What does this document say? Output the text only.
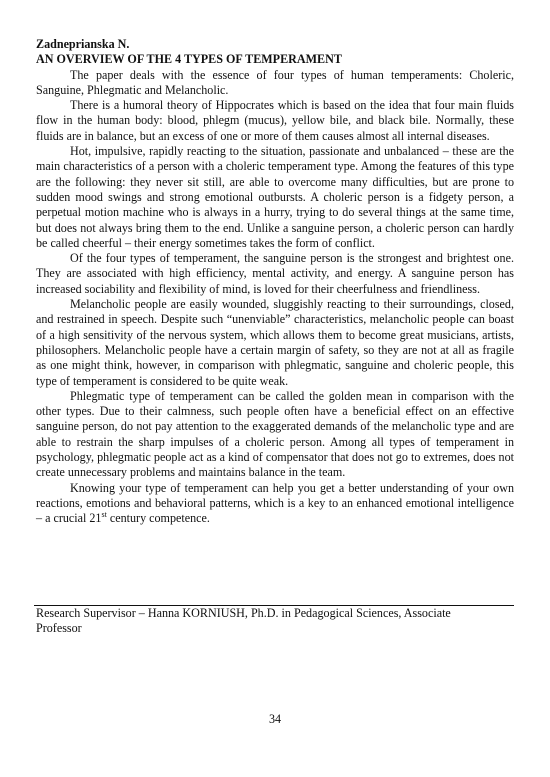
Zadneprianska N.

AN OVERVIEW OF THE 4 TYPES OF TEMPERAMENT

The paper deals with the essence of four types of human temperaments: Choleric, Sanguine, Phlegmatic and Melancholic.

There is a humoral theory of Hippocrates which is based on the idea that four main fluids flow in the human body: blood, phlegm (mucus), yellow bile, and black bile. Normally, these fluids are in balance, but an excess of one or more of them causes almost all internal diseases.

Hot, impulsive, rapidly reacting to the situation, passionate and unbalanced – these are the main characteristics of a person with a choleric temperament type. Among the features of this type are the following: they never sit still, are able to overcome many difficulties, but are prone to sudden mood swings and strong emotional outbursts. A choleric person is a fidgety person, a perpetual motion machine who is always in a hurry, trying to do several things at the same time, but does not always bring them to the end. Unlike a sanguine person, a choleric person can hardly be called cheerful – their energy sometimes takes the form of conflict.

Of the four types of temperament, the sanguine person is the strongest and brightest one. They are associated with high efficiency, mental activity, and energy. A sanguine person has increased sociability and flexibility of mind, is loved for their cheerfulness and friendliness.

Melancholic people are easily wounded, sluggishly reacting to their surroundings, closed, and restrained in speech. Despite such “unenviable” characteristics, melancholic people can boast of a high sensitivity of the nervous system, which allows them to become great musicians, artists, philosophers. Melancholic people have a certain margin of safety, so they are not at all as fragile as one might think, however, in comparison with phlegmatic, sanguine and choleric people, this type of temperament is considered to be quite weak.

Phlegmatic type of temperament can be called the golden mean in comparison with the other types. Due to their calmness, such people often have a beneficial effect on an effective sanguine person, do not pay attention to the exaggerated demands of the melancholic type and are able to restrain the sharp impulses of a choleric person. Among all types of temperament in psychology, phlegmatic people act as a kind of compensator that does not go to extremes, does not create unnecessary problems and maintains balance in the team.

Knowing your type of temperament can help you get a better understanding of your own reactions, emotions and behavioral patterns, which is a key to an enhanced emotional intelligence – a crucial 21st century competence.

Research Supervisor – Hanna KORNIUSH, Ph.D. in Pedagogical Sciences, Associate
Professor
34
